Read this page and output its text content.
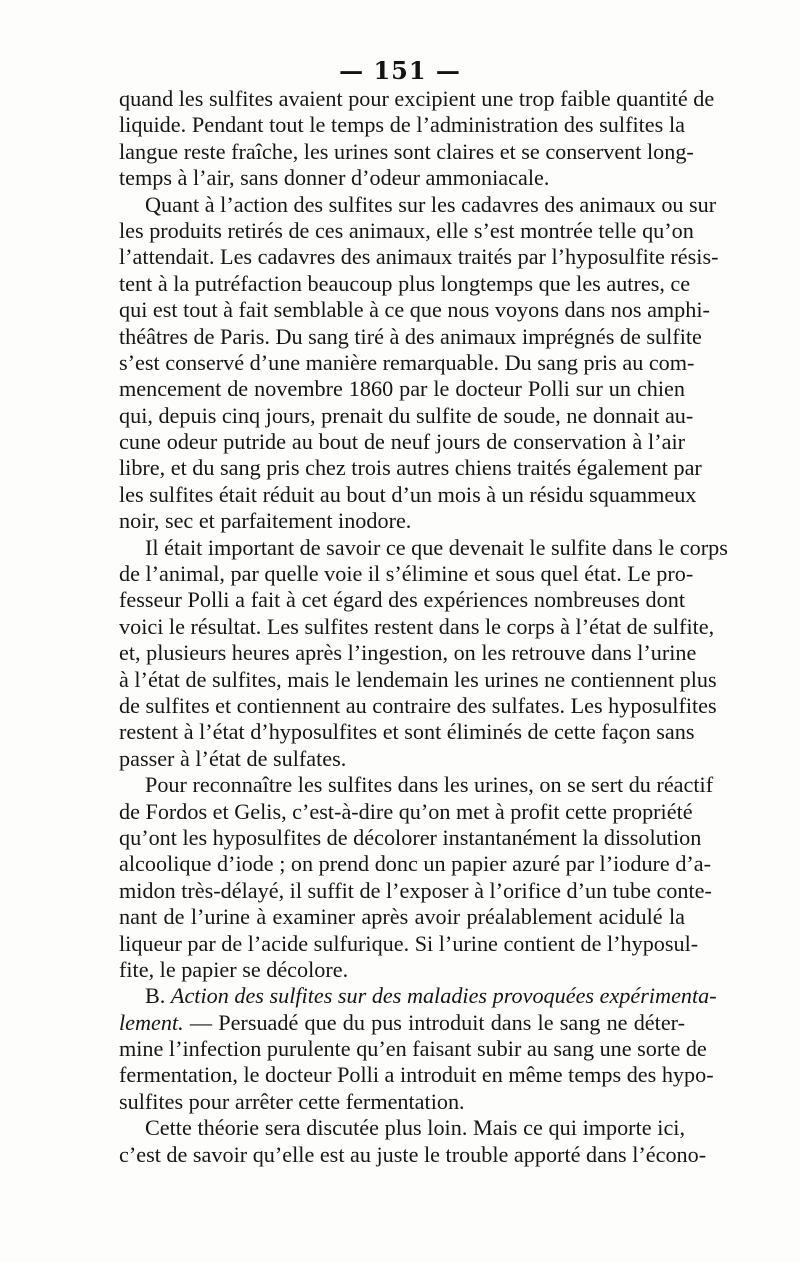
— 151 —
quand les sulfites avaient pour excipient une trop faible quantité de
liquide. Pendant tout le temps de l’administration des sulfites la
langue reste fraîche, les urines sont claires et se conservent long-
temps à l’air, sans donner d’odeur ammoniacale.
Quant à l’action des sulfites sur les cadavres des animaux ou sur
les produits retirés de ces animaux, elle s’est montrée telle qu’on
l’attendait. Les cadavres des animaux traités par l’hyposulfite résis-
tent à la putréfaction beaucoup plus longtemps que les autres, ce
qui est tout à fait semblable à ce que nous voyons dans nos amphi-
théâtres de Paris. Du sang tiré à des animaux imprégnés de sulfite
s’est conservé d’une manière remarquable. Du sang pris au com-
mencement de novembre 1860 par le docteur Polli sur un chien
qui, depuis cinq jours, prenait du sulfite de soude, ne donnait au-
cune odeur putride au bout de neuf jours de conservation à l’air
libre, et du sang pris chez trois autres chiens traités également par
les sulfites était réduit au bout d’un mois à un résidu squammeux
noir, sec et parfaitement inodore.
Il était important de savoir ce que devenait le sulfite dans le corps
de l’animal, par quelle voie il s’élimine et sous quel état. Le pro-
fesseur Polli a fait à cet égard des expériences nombreuses dont
voici le résultat. Les sulfites restent dans le corps à l’état de sulfite,
et, plusieurs heures après l’ingestion, on les retrouve dans l’urine
à l’état de sulfites, mais le lendemain les urines ne contiennent plus
de sulfites et contiennent au contraire des sulfates. Les hyposulfites
restent à l’état d’hyposulfites et sont éliminés de cette façon sans
passer à l’état de sulfates.
Pour reconnaître les sulfites dans les urines, on se sert du réactif
de Fordos et Gelis, c’est-à-dire qu’on met à profit cette propriété
qu’ont les hyposulfites de décolorer instantanément la dissolution
alcoolique d’iode ; on prend donc un papier azuré par l’iodure d’a-
midon très-délayé, il suffit de l’exposer à l’orifice d’un tube conte-
nant de l’urine à examiner après avoir préalablement acidulé la
liqueur par de l’acide sulfurique. Si l’urine contient de l’hyposul-
fite, le papier se décolore.
B. Action des sulfites sur des maladies provoquées expérimenta-
lement. — Persuadé que du pus introduit dans le sang ne déter-
mine l’infection purulente qu’en faisant subir au sang une sorte de
fermentation, le docteur Polli a introduit en même temps des hypo-
sulfites pour arrêter cette fermentation.
Cette théorie sera discutée plus loin. Mais ce qui importe ici,
c’est de savoir qu’elle est au juste le trouble apporté dans l’écono-
